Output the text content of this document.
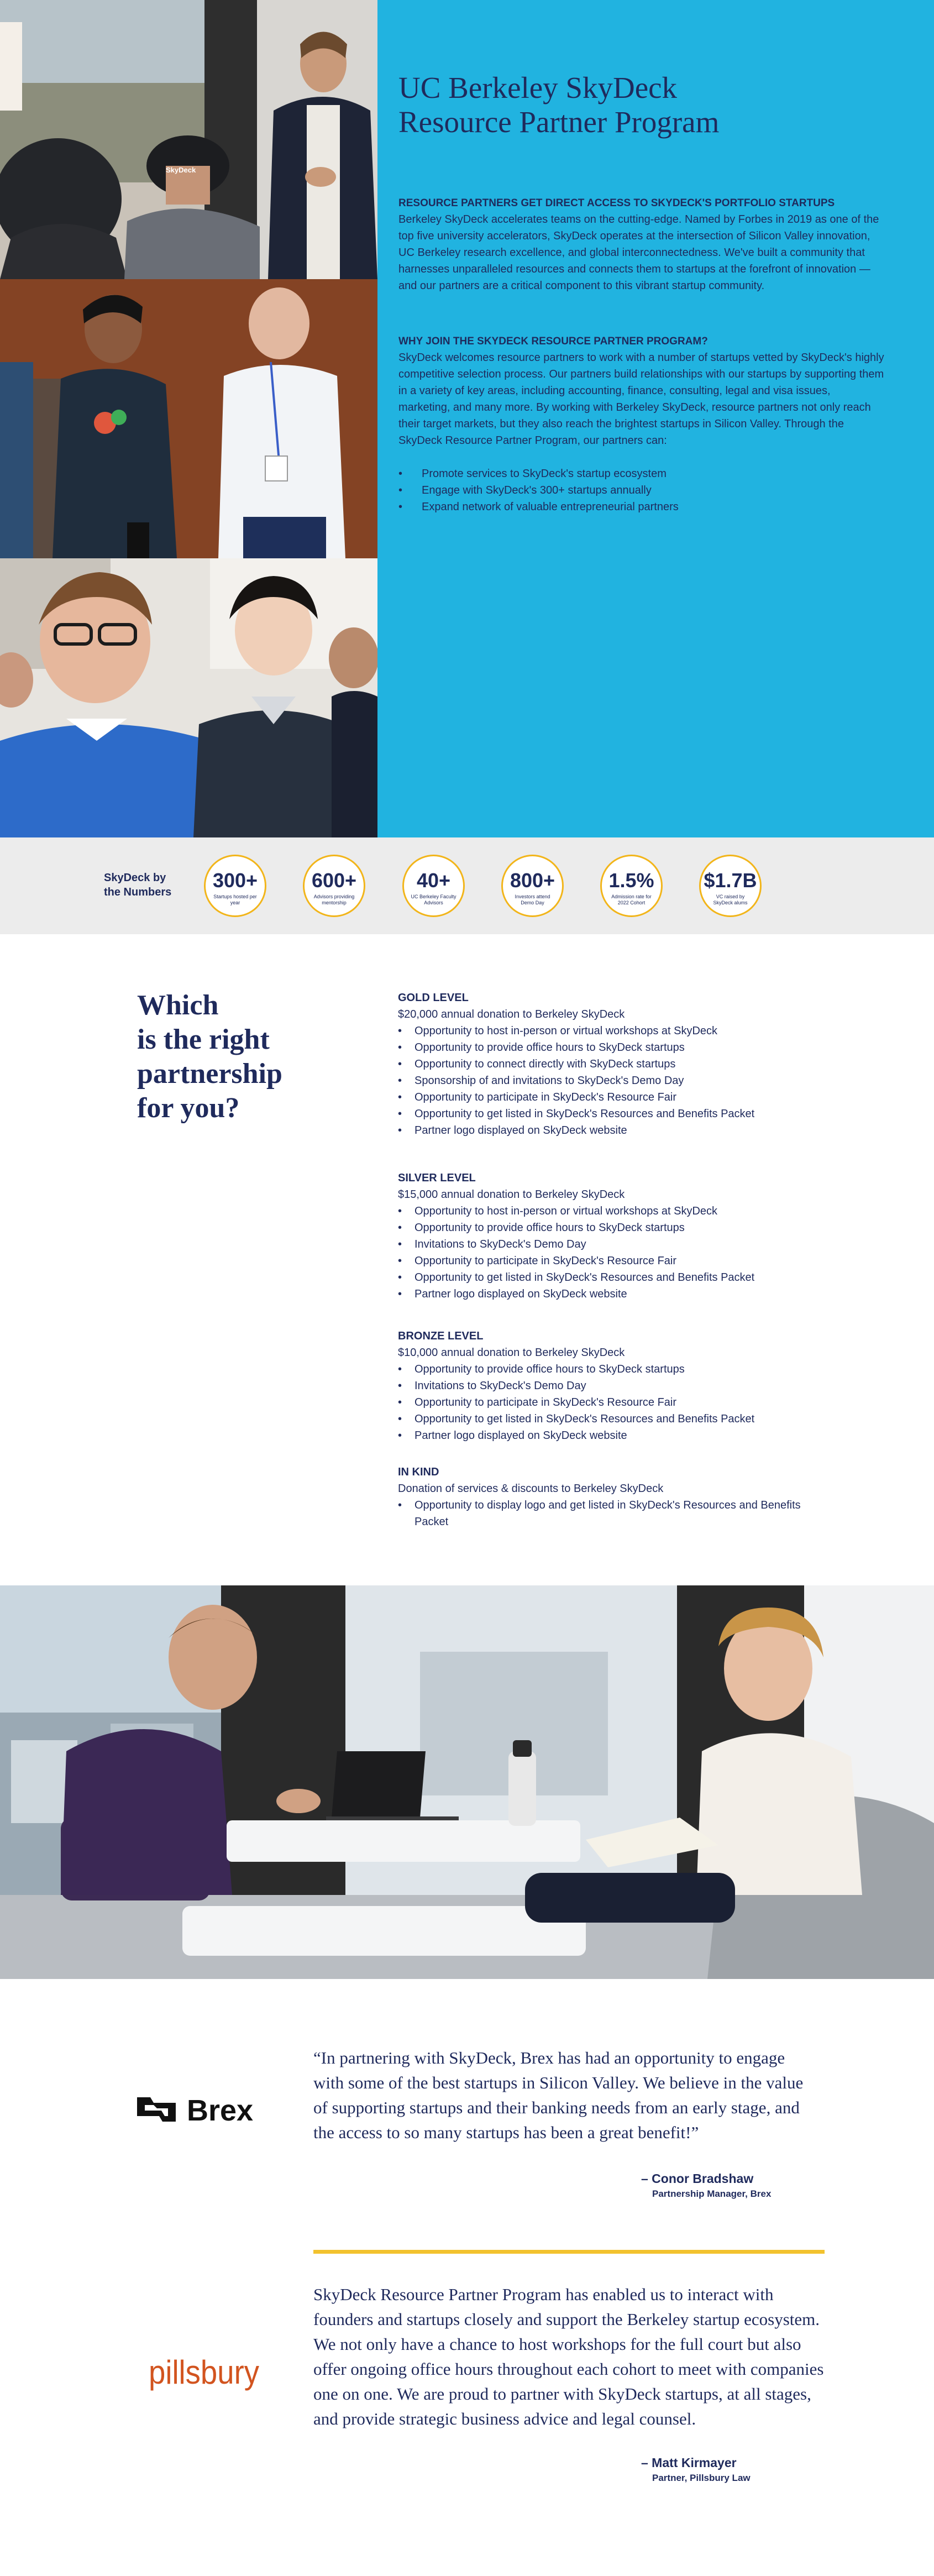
SkyDeck
UC Berkeley SkyDeck Resource Partner Program
RESOURCE PARTNERS GET DIRECT ACCESS TO SKYDECK'S PORTFOLIO STARTUPS

Berkeley SkyDeck accelerates teams on the cutting-edge. Named by Forbes in 2019 as one of the top five university accelerators, SkyDeck operates at the intersection of Silicon Valley innovation, UC Berkeley research excellence, and global interconnectedness. We've built a community that harnesses unparalleled resources and connects them to startups at the forefront of innovation — and our partners are a critical component to this vibrant startup community.

WHY JOIN THE SKYDECK RESOURCE PARTNER PROGRAM?

SkyDeck welcomes resource partners to work with a number of startups vetted by SkyDeck's highly competitive selection process. Our partners build relationships with our startups by supporting them in a variety of key areas, including accounting, finance, consulting, legal and visa issues, marketing, and many more. By working with Berkeley SkyDeck, resource partners not only reach their target markets, but they also reach the brightest startups in Silicon Valley. Through the SkyDeck Resource Partner Program, our partners can:

• Promote services to SkyDeck's startup ecosystem
• Engage with SkyDeck's 300+ startups annually
• Expand network of valuable entrepreneurial partners
SkyDeck by
the Numbers
300+
Startups hosted per year
600+
Advisors providing mentorship
40+
UC Berkeley Faculty Advisors
800+
Investors attend Demo Day
1.5%
Admission rate for 2022 Cohort
$1.7B
VC raised by SkyDeck alums
Which
is the right
partnership
for you?
GOLD LEVEL
$20,000 annual donation to Berkeley SkyDeck
• Opportunity to host in-person or virtual workshops at SkyDeck
• Opportunity to provide office hours to SkyDeck startups
• Opportunity to connect directly with SkyDeck startups
• Sponsorship of and invitations to SkyDeck's Demo Day
• Opportunity to participate in SkyDeck's Resource Fair
• Opportunity to get listed in SkyDeck's Resources and Benefits Packet
• Partner logo displayed on SkyDeck website
SILVER LEVEL
$15,000 annual donation to Berkeley SkyDeck
• Opportunity to host in-person or virtual workshops at SkyDeck
• Opportunity to provide office hours to SkyDeck startups
• Invitations to SkyDeck's Demo Day
• Opportunity to participate in SkyDeck's Resource Fair
• Opportunity to get listed in SkyDeck's Resources and Benefits Packet
• Partner logo displayed on SkyDeck website
BRONZE LEVEL
$10,000 annual donation to Berkeley SkyDeck
• Opportunity to provide office hours to SkyDeck startups
• Invitations to SkyDeck's Demo Day
• Opportunity to participate in SkyDeck's Resource Fair
• Opportunity to get listed in SkyDeck's Resources and Benefits Packet
• Partner logo displayed on SkyDeck website
IN KIND
Donation of services & discounts to Berkeley SkyDeck
• Opportunity to display logo and get listed in SkyDeck's Resources and Benefits Packet
Brex

“In partnering with SkyDeck, Brex has had an opportunity to engage with some of the best startups in Silicon Valley. We believe in the value of supporting startups and their banking needs from an early stage, and the access to so many startups has been a great benefit!”

– Conor Bradshaw
Partnership Manager, Brex
pillsbury

SkyDeck Resource Partner Program has enabled us to interact with founders and startups closely and support the Berkeley startup ecosystem. We not only have a chance to host workshops for the full court but also offer ongoing office hours throughout each cohort to meet with companies one on one. We are proud to partner with SkyDeck startups, at all stages, and provide strategic business advice and legal counsel.

– Matt Kirmayer
Partner, Pillsbury Law
